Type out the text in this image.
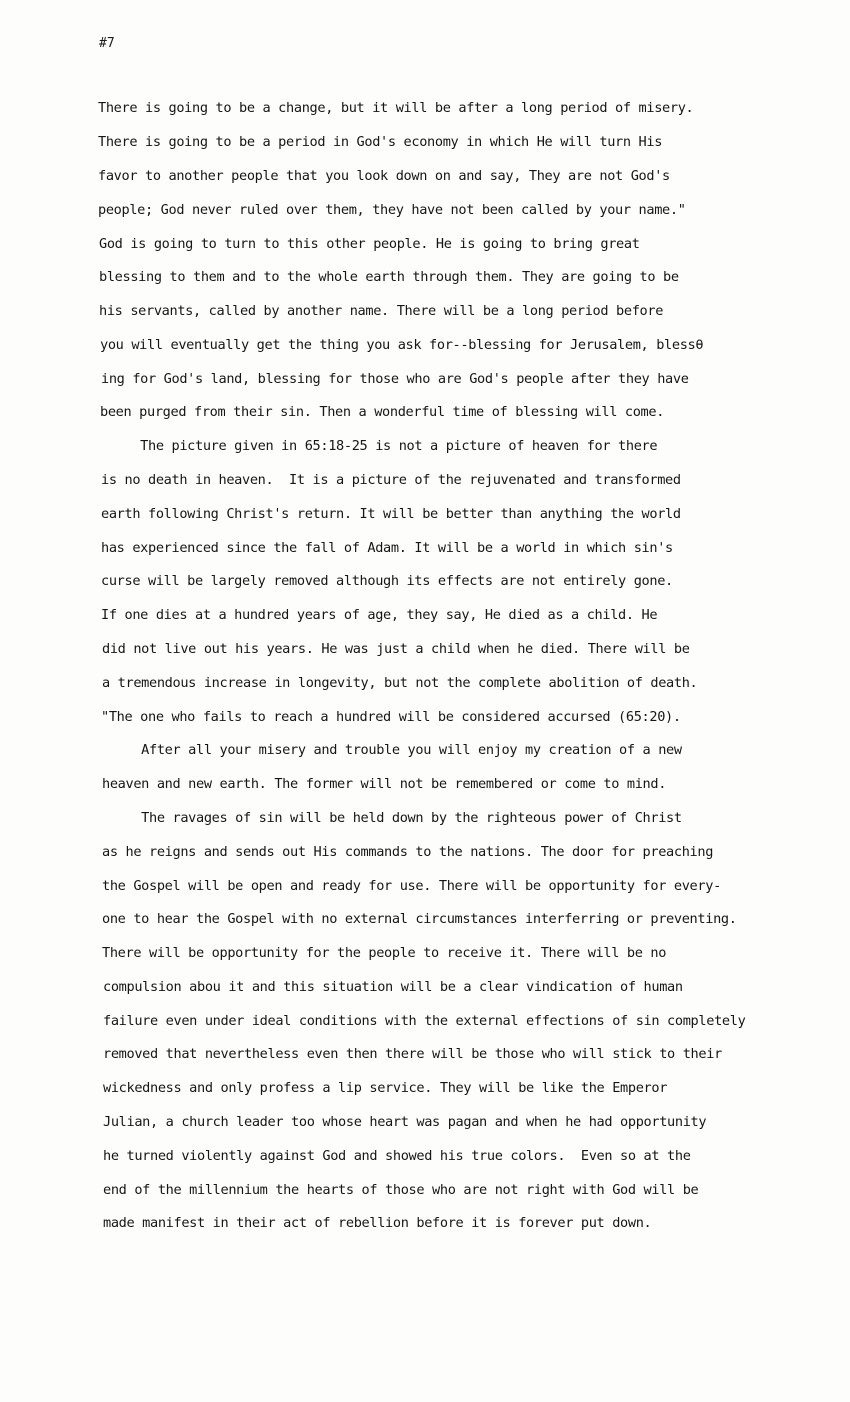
#7
There is going to be a change, but it will be after a long period of misery.
There is going to be a period in God's economy in which He will turn His
favor to another people that you look down on and say, They are not God's
people; God never ruled over them, they have not been called by your name."
God is going to turn to this other people. He is going to bring great
blessing to them and to the whole earth through them. They are going to be
his servants, called by another name. There will be a long period before
you will eventually get the thing you ask for--blessing for Jerusalem, blessθ
ing for God's land, blessing for those who are God's people after they have
been purged from their sin. Then a wonderful time of blessing will come.
The picture given in 65:18-25 is not a picture of heaven for there
is no death in heaven.  It is a picture of the rejuvenated and transformed
earth following Christ's return. It will be better than anything the world
has experienced since the fall of Adam. It will be a world in which sin's
curse will be largely removed although its effects are not entirely gone.
If one dies at a hundred years of age, they say, He died as a child. He
did not live out his years. He was just a child when he died. There will be
a tremendous increase in longevity, but not the complete abolition of death.
"The one who fails to reach a hundred will be considered accursed (65:20).
After all your misery and trouble you will enjoy my creation of a new
heaven and new earth. The former will not be remembered or come to mind.
The ravages of sin will be held down by the righteous power of Christ
as he reigns and sends out His commands to the nations. The door for preaching
the Gospel will be open and ready for use. There will be opportunity for every-
one to hear the Gospel with no external circumstances interferring or preventing.
There will be opportunity for the people to receive it. There will be no
compulsion abou it and this situation will be a clear vindication of human
failure even under ideal conditions with the external effections of sin completely
removed that nevertheless even then there will be those who will stick to their
wickedness and only profess a lip service. They will be like the Emperor
Julian, a church leader too whose heart was pagan and when he had opportunity
he turned violently against God and showed his true colors.  Even so at the
end of the millennium the hearts of those who are not right with God will be
made manifest in their act of rebellion before it is forever put down.
